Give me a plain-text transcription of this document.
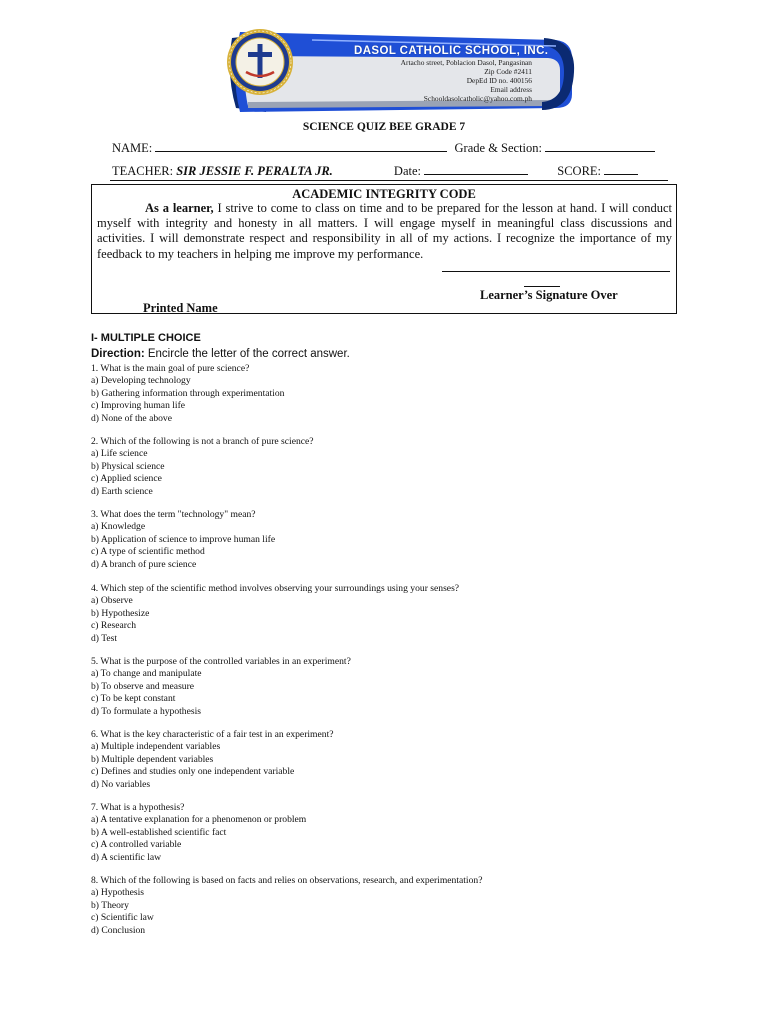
DASOL CATHOLIC SCHOOL, INC.
Artacho street, Poblacion Dasol, Pangasinan
Zip Code #2411
DepEd ID no. 400156
Email address
Schooldasolcatholic@yahoo.com.ph
SCIENCE QUIZ BEE GRADE 7
NAME:	Grade & Section:
TEACHER: SIR JESSIE F. PERALTA JR.	Date:	SCORE:
ACADEMIC INTEGRITY CODE
As a learner, I strive to come to class on time and to be prepared for the lesson at hand. I will conduct myself with integrity and honesty in all matters. I will engage myself in meaningful class discussions and activities. I will demonstrate respect and responsibility in all of my actions. I recognize the importance of my feedback to my teachers in helping me improve my performance.
Learner’s Signature Over
Printed Name
I- MULTIPLE CHOICE
Direction: Encircle the letter of the correct answer.
1. What is the main goal of pure science?
a) Developing technology
b) Gathering information through experimentation
c) Improving human life
d) None of the above
2. Which of the following is not a branch of pure science?
a) Life science
b) Physical science
c) Applied science
d) Earth science
3. What does the term "technology" mean?
a) Knowledge
b) Application of science to improve human life
c) A type of scientific method
d) A branch of pure science
4. Which step of the scientific method involves observing your surroundings using your senses?
a) Observe
b) Hypothesize
c) Research
d) Test
5. What is the purpose of the controlled variables in an experiment?
a) To change and manipulate
b) To observe and measure
c) To be kept constant
d) To formulate a hypothesis
6. What is the key characteristic of a fair test in an experiment?
a) Multiple independent variables
b) Multiple dependent variables
c) Defines and studies only one independent variable
d) No variables
7. What is a hypothesis?
a) A tentative explanation for a phenomenon or problem
b) A well-established scientific fact
c) A controlled variable
d) A scientific law
8. Which of the following is based on facts and relies on observations, research, and experimentation?
a) Hypothesis
b) Theory
c) Scientific law
d) Conclusion
